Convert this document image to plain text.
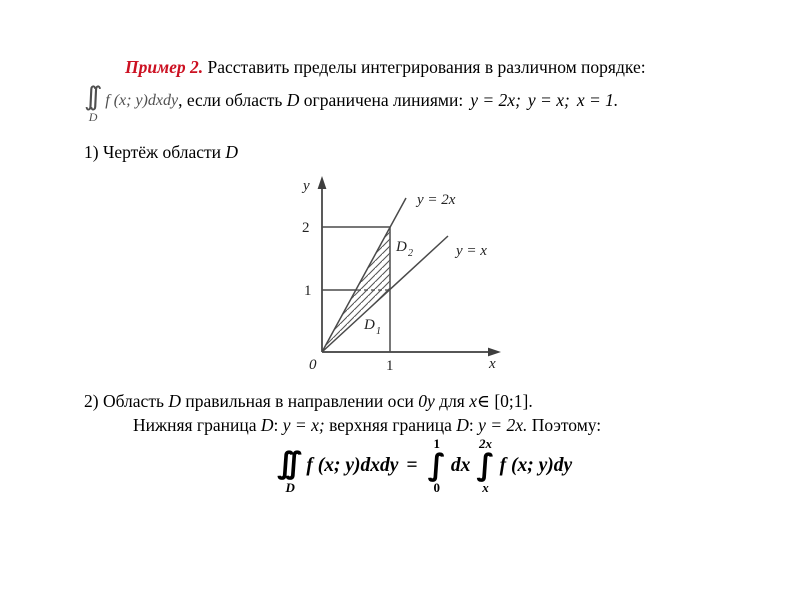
Пример 2. Расставить пределы интегрирования в различном порядке:
∫∫
D
f (x; y)dxdy , если область D ограничена линиями: y = 2x; y = x; x = 1.
1) Чертёж области D
y
x
0	1
1
2
y = 2x
y = x
D 2
D 1
2) Область D правильная в направлении оси 0y для x∈ [0;1].
Нижняя граница D: y = x; верхняя граница D: y = 2x. Поэтому:
∫∫
D
f (x; y)dxdy =
1
∫
0
dx
2x
∫
x
f (x; y)dy
